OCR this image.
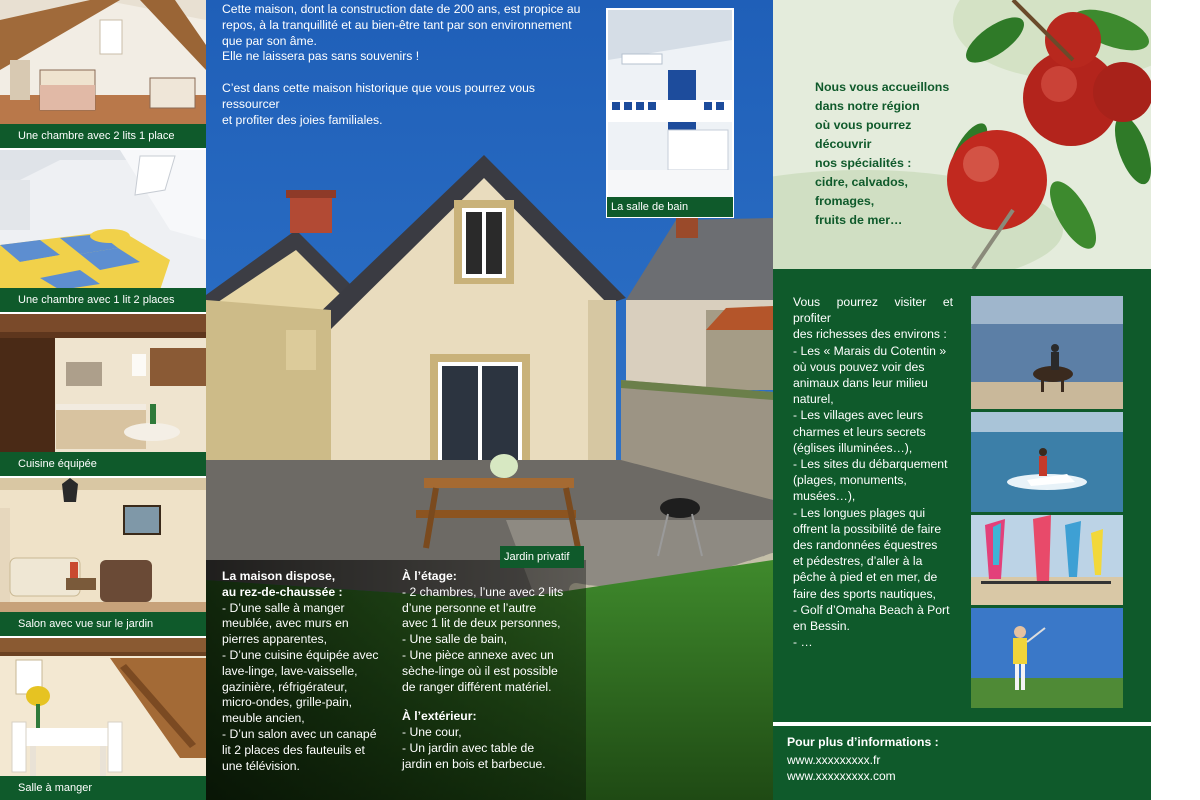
Une chambre avec 2 lits 1 place
Une chambre avec 1 lit 2 places
Cuisine équipée
Salon avec vue sur le jardin
Salle à manger

Cette maison, dont la construction date de 200 ans, est propice au
repos, à la tranquillité et au bien-être tant par son environnement
que par son âme.
Elle ne laissera pas sans souvenirs !

C’est dans cette maison historique que vous pourrez vous ressourcer
et profiter des joies familiales.

La salle de bain
Jardin privatif
La maison dispose,
au rez-de-chaussée :
- D’une salle à manger
meublée, avec murs en
pierres apparentes,
- D’une cuisine équipée avec
lave-linge, lave-vaisselle,
gazinière, réfrigérateur,
micro-ondes, grille-pain,
meuble ancien,
- D’un salon avec un canapé
lit 2 places des fauteuils et
une télévision.
À l’étage:
- 2 chambres, l’une avec 2 lits
d’une personne et l’autre
avec 1 lit de deux personnes,
- Une salle de bain,
- Une pièce annexe avec un
sèche-linge où il est possible
de ranger différent matériel.
À l’extérieur:
- Une cour,
- Un jardin avec table de
jardin en bois et barbecue.
Nous vous accueillons
dans notre région
où vous pourrez
découvrir
nos spécialités :
cidre, calvados,
fromages,
fruits de mer…
Vous pourrez visiter et profiter
des richesses des environs :
- Les « Marais du Cotentin »
où vous pouvez voir des
animaux dans leur milieu
naturel,
- Les villages avec leurs
charmes et leurs secrets
(églises illuminées…),
- Les sites du débarquement
(plages, monuments,
musées…),
- Les longues plages qui
offrent la possibilité de faire
des randonnées équestres
et pédestres, d’aller à la
pêche à pied et en mer, de
faire des sports nautiques,
- Golf d’Omaha Beach à Port
en Bessin.
- …
Pour plus d’informations :
www.xxxxxxxxx.fr
www.xxxxxxxxx.com
